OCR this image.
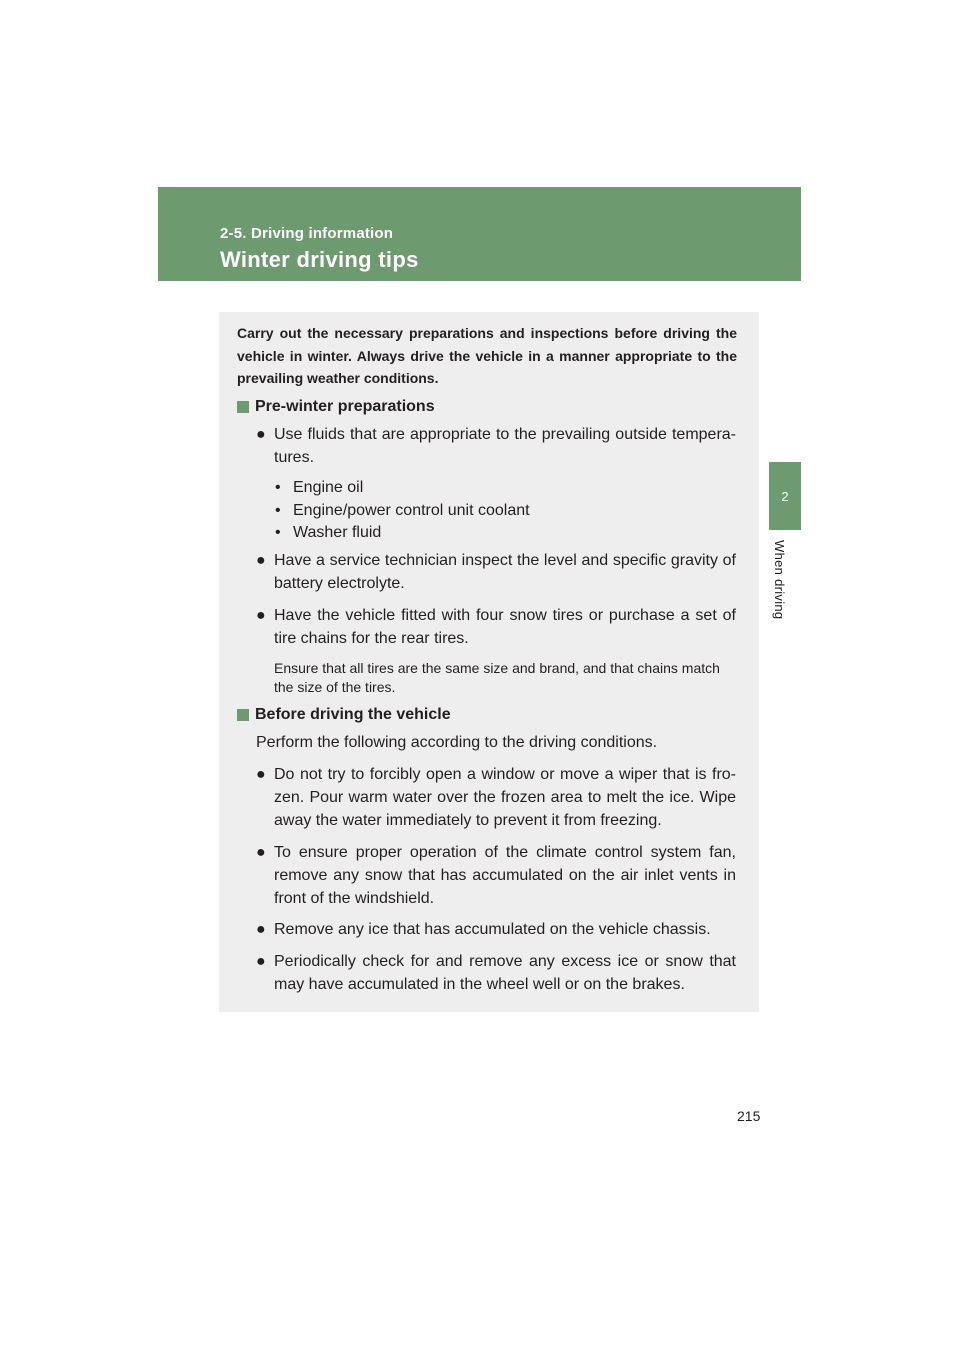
2-5. Driving information
Winter driving tips
2
When driving
Carry out the necessary preparations and inspections before driving the vehicle in winter. Always drive the vehicle in a manner appropriate to the prevailing weather conditions.
Pre-winter preparations
● Use fluids that are appropriate to the prevailing outside tempera- tures.
• Engine oil
• Engine/power control unit coolant
• Washer fluid
● Have a service technician inspect the level and specific gravity of battery electrolyte.
● Have the vehicle fitted with four snow tires or purchase a set of tire chains for the rear tires.
Ensure that all tires are the same size and brand, and that chains match the size of the tires.
Before driving the vehicle
Perform the following according to the driving conditions.
● Do not try to forcibly open a window or move a wiper that is fro- zen. Pour warm water over the frozen area to melt the ice. Wipe away the water immediately to prevent it from freezing.
● To ensure proper operation of the climate control system fan, remove any snow that has accumulated on the air inlet vents in front of the windshield.
● Remove any ice that has accumulated on the vehicle chassis.
● Periodically check for and remove any excess ice or snow that may have accumulated in the wheel well or on the brakes.
215
